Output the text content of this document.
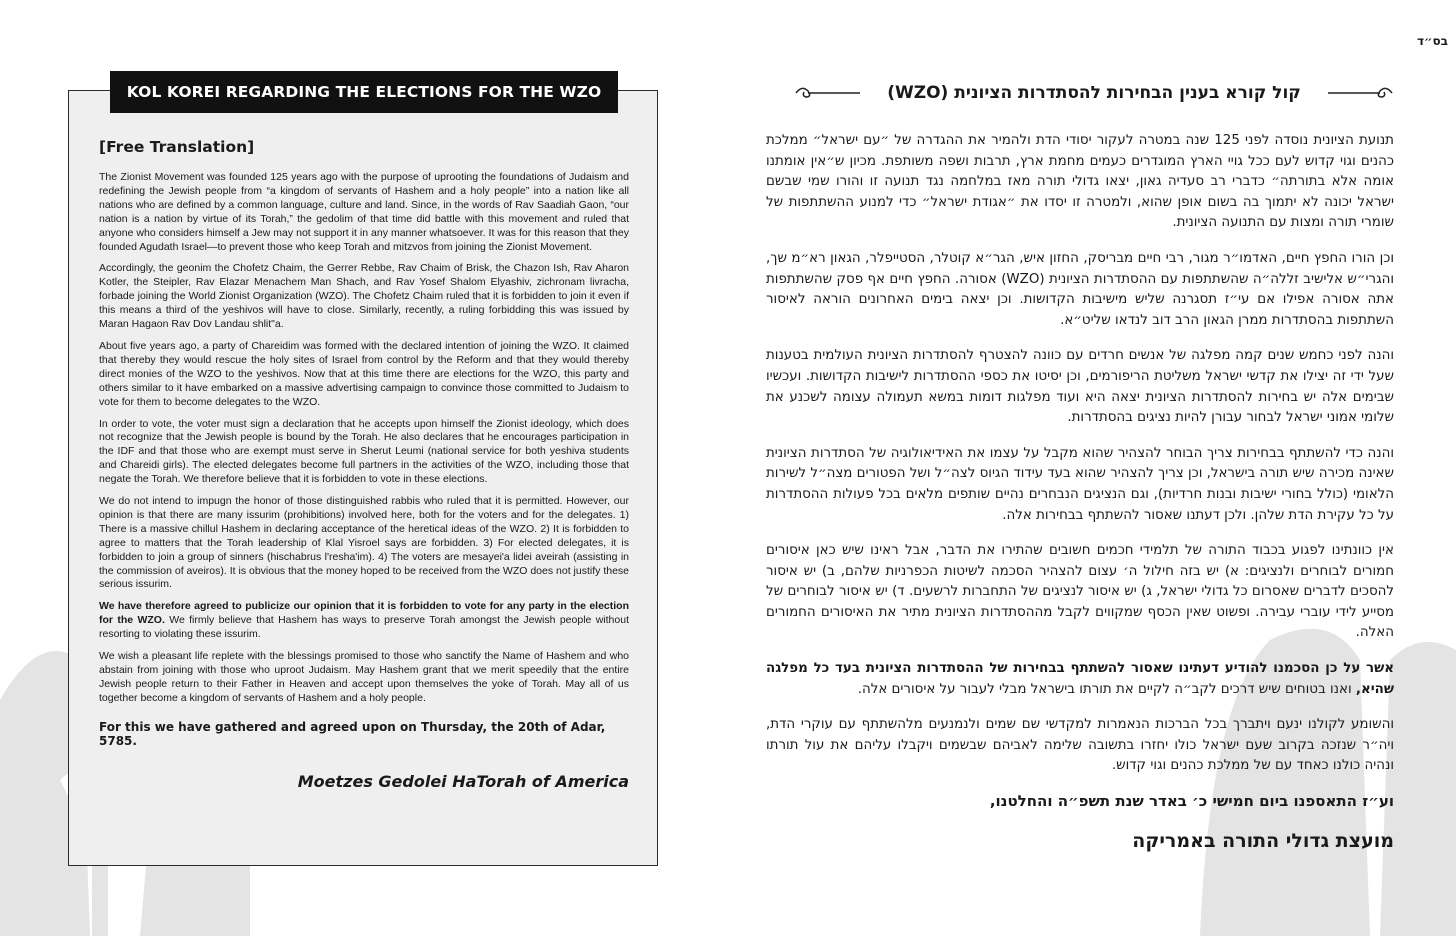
בס״ד
KOL KOREI REGARDING THE ELECTIONS FOR THE WZO

[Free Translation]

The Zionist Movement was founded 125 years ago with the purpose of uprooting the foundations of Judaism and redefining the Jewish people from “a kingdom of servants of Hashem and a holy people” into a nation like all nations who are defined by a common language, culture and land. Since, in the words of Rav Saadiah Gaon, “our nation is a nation by virtue of its Torah,” the gedolim of that time did battle with this movement and ruled that anyone who considers himself a Jew may not support it in any manner whatsoever. It was for this reason that they founded Agudath Israel—to prevent those who keep Torah and mitzvos from joining the Zionist Movement.

Accordingly, the geonim the Chofetz Chaim, the Gerrer Rebbe, Rav Chaim of Brisk, the Chazon Ish, Rav Aharon Kotler, the Steipler, Rav Elazar Menachem Man Shach, and Rav Yosef Shalom Elyashiv, zichronam livracha, forbade joining the World Zionist Organization (WZO). The Chofetz Chaim ruled that it is forbidden to join it even if this means a third of the yeshivos will have to close. Similarly, recently, a ruling forbidding this was issued by Maran Hagaon Rav Dov Landau shlit"a.

About five years ago, a party of Chareidim was formed with the declared intention of joining the WZO. It claimed that thereby they would rescue the holy sites of Israel from control by the Reform and that they would thereby direct monies of the WZO to the yeshivos. Now that at this time there are elections for the WZO, this party and others similar to it have embarked on a massive advertising campaign to convince those committed to Judaism to vote for them to become delegates to the WZO.

In order to vote, the voter must sign a declaration that he accepts upon himself the Zionist ideology, which does not recognize that the Jewish people is bound by the Torah. He also declares that he encourages participation in the IDF and that those who are exempt must serve in Sherut Leumi (national service for both yeshiva students and Chareidi girls). The elected delegates become full partners in the activities of the WZO, including those that negate the Torah. We therefore believe that it is forbidden to vote in these elections.

We do not intend to impugn the honor of those distinguished rabbis who ruled that it is permitted. However, our opinion is that there are many issurim (prohibitions) involved here, both for the voters and for the delegates. 1) There is a massive chillul Hashem in declaring acceptance of the heretical ideas of the WZO. 2) It is forbidden to agree to matters that the Torah leadership of Klal Yisroel says are forbidden. 3) For elected delegates, it is forbidden to join a group of sinners (hischabrus l'resha'im). 4) The voters are mesayei'a lidei aveirah (assisting in the commission of aveiros). It is obvious that the money hoped to be received from the WZO does not justify these serious issurim.

We have therefore agreed to publicize our opinion that it is forbidden to vote for any party in the election for the WZO. We firmly believe that Hashem has ways to preserve Torah amongst the Jewish people without resorting to violating these issurim.

We wish a pleasant life replete with the blessings promised to those who sanctify the Name of Hashem and who abstain from joining with those who uproot Judaism. May Hashem grant that we merit speedily that the entire Jewish people return to their Father in Heaven and accept upon themselves the yoke of Torah. May all of us together become a kingdom of servants of Hashem and a holy people.

For this we have gathered and agreed upon on Thursday, the 20th of Adar, 5785.

Moetzes Gedolei HaTorah of America
קול קורא בענין הבחירות להסתדרות הציונית (WZO)

תנועת הציונית נוסדה לפני 125 שנה במטרה לעקור יסודי הדת ולהמיר את ההגדרה של ״עם ישראל״ ממלכת כהנים וגוי קדוש לעם ככל גויי הארץ המוגדרים כעמים מחמת ארץ, תרבות ושפה משותפת. מכיון ש״אין אומתנו אומה אלא בתורתה״ כדברי רב סעדיה גאון, יצאו גדולי תורה מאז במלחמה נגד תנועה זו והורו שמי שבשם ישראל יכונה לא יתמוך בה בשום אופן שהוא, ולמטרה זו יסדו את ״אגודת ישראל״ כדי למנוע ההשתתפות של שומרי תורה ומצות עם התנועה הציונית.

וכן הורו החפץ חיים, האדמו״ר מגור, רבי חיים מבריסק, החזון איש, הגר״א קוטלר, הסטייפלר, הגאון רא״מ שך, והגרי״ש אלישיב זללה״ה שהשתתפות עם ההסתדרות הציונית (WZO) אסורה. החפץ חיים אף פסק שהשתתפות אתה אסורה אפילו אם עי״ז תסגרנה שליש מישיבות הקדושות. וכן יצאה בימים האחרונים הוראה לאיסור השתתפות בהסתדרות ממרן הגאון הרב דוב לנדאו שליט״א.

והנה לפני כחמש שנים קמה מפלגה של אנשים חרדים עם כוונה להצטרף להסתדרות הציונית העולמית בטענות שעל ידי זה יצילו את קדשי ישראל משליטת הריפורמים, וכן יסיטו את כספי ההסתדרות לישיבות הקדושות. ועכשיו שבימים אלה יש בחירות להסתדרות הציונית יצאה היא ועוד מפלגות דומות במשא תעמולה עצומה לשכנע את שלומי אמוני ישראל לבחור עבורן להיות נציגים בהסתדרות.

והנה כדי להשתתף בבחירות צריך הבוחר להצהיר שהוא מקבל על עצמו את האידיאולוגיה של הסתדרות הציונית שאינה מכירה שיש תורה בישראל, וכן צריך להצהיר שהוא בעד עידוד הגיוס לצה״ל ושל הפטורים מצה״ל לשירות הלאומי (כולל בחורי ישיבות ובנות חרדיות), וגם הנציגים הנבחרים נהיים שותפים מלאים בכל פעולות ההסתדרות על כל עקירת הדת שלהן. ולכן דעתנו שאסור להשתתף בבחירות אלה.

אין כוונתינו לפגוע בכבוד התורה של תלמידי חכמים חשובים שהתירו את הדבר, אבל ראינו שיש כאן איסורים חמורים לבוחרים ולנציגים: א) יש בזה חילול ה׳ עצום להצהיר הסכמה לשיטות הכפרניות שלהם, ב) יש איסור להסכים לדברים שאסרום כל גדולי ישראל, ג) יש איסור לנציגים של התחברות לרשעים. ד) יש איסור לבוחרים של מסייע לידי עוברי עבירה. ופשוט שאין הכסף שמקווים לקבל מההסתדרות הציונית מתיר את האיסורים החמורים האלה.

אשר על כן הסכמנו להודיע דעתינו שאסור להשתתף בבחירות של ההסתדרות הציונית בעד כל מפלגה שהיא, ואנו בטוחים שיש דרכים לקב״ה לקיים את תורתו בישראל מבלי לעבור על איסורים אלה.

והשומע לקולנו ינעם ויתברך בכל הברכות הנאמרות למקדשי שם שמים ולנמנעים מלהשתתף עם עוקרי הדת, ויה״ר שנזכה בקרוב שעם ישראל כולו יחזרו בתשובה שלימה לאביהם שבשמים ויקבלו עליהם את עול תורתו ונהיה כולנו כאחד עם של ממלכת כהנים וגוי קדוש.

וע״ז התאספנו ביום חמישי כ׳ באדר שנת תשפ״ה והחלטנו,

מועצת גדולי התורה באמריקה
